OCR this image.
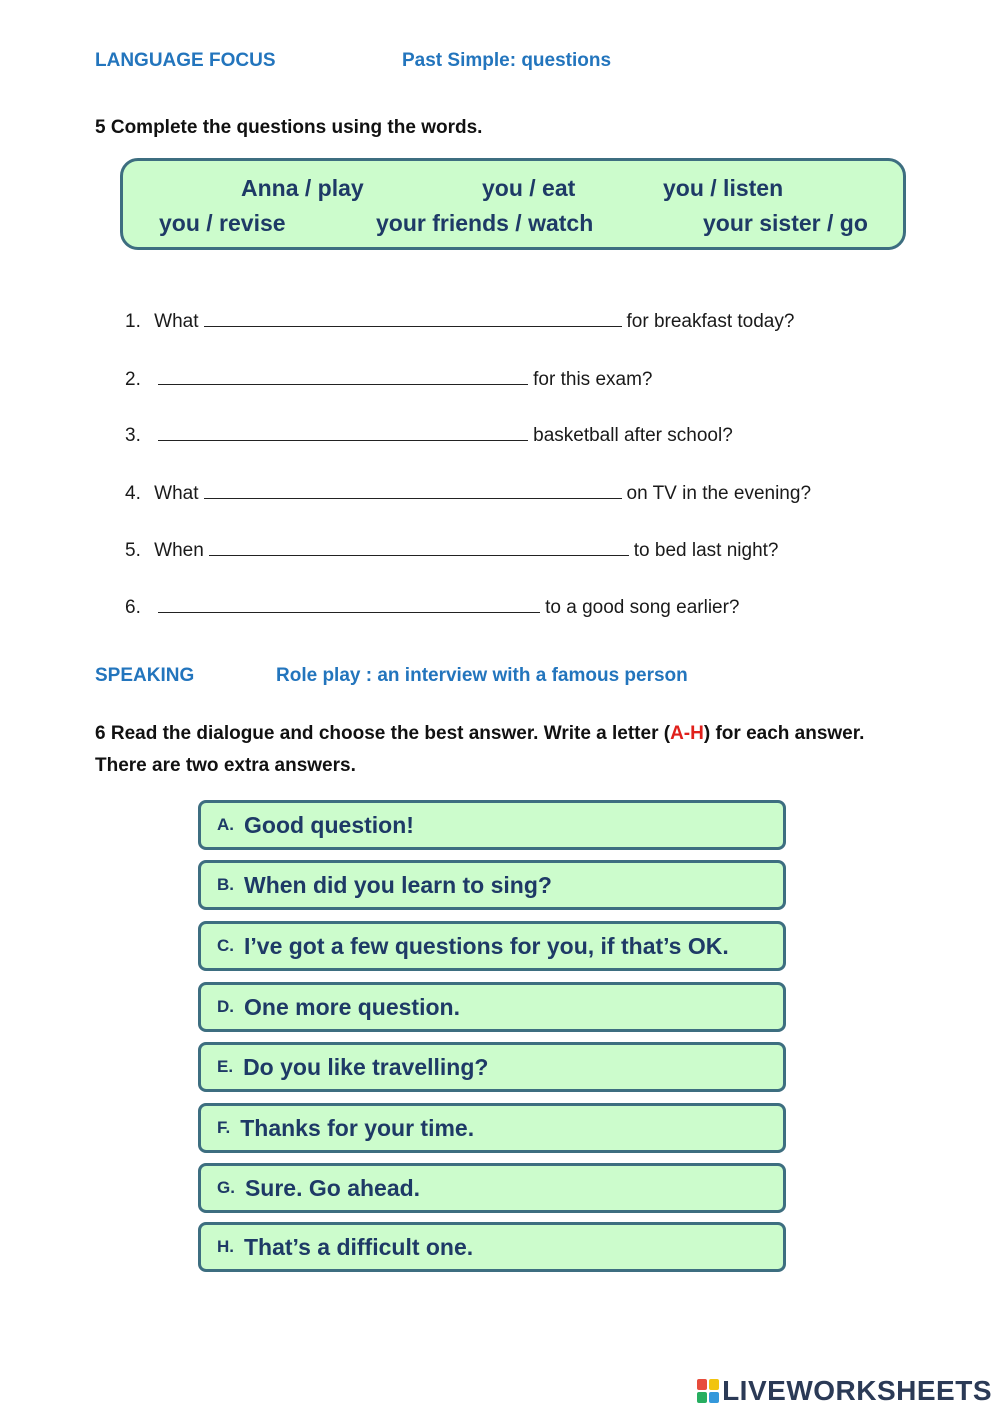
LANGUAGE FOCUS	Past Simple: questions
5 Complete the questions using the words.
Anna / play	you / eat	you / listen
you / revise	your friends / watch	your sister / go
1. What	for breakfast today?
2.	for this exam?
3.	basketball after school?
4. What	on TV in the evening?
5. When	to bed last night?
6.	to a good song earlier?
SPEAKING	Role play : an interview with a famous person
6 Read the dialogue and choose the best answer. Write a letter (A-H) for each answer. There are two extra answers.
A. Good question!
B. When did you learn to sing?
C. I’ve got a few questions for you, if that’s OK.
D. One more question.
E. Do you like travelling?
F. Thanks for your time.
G. Sure. Go ahead.
H. That’s a difficult one.
LIVEWORKSHEETS
